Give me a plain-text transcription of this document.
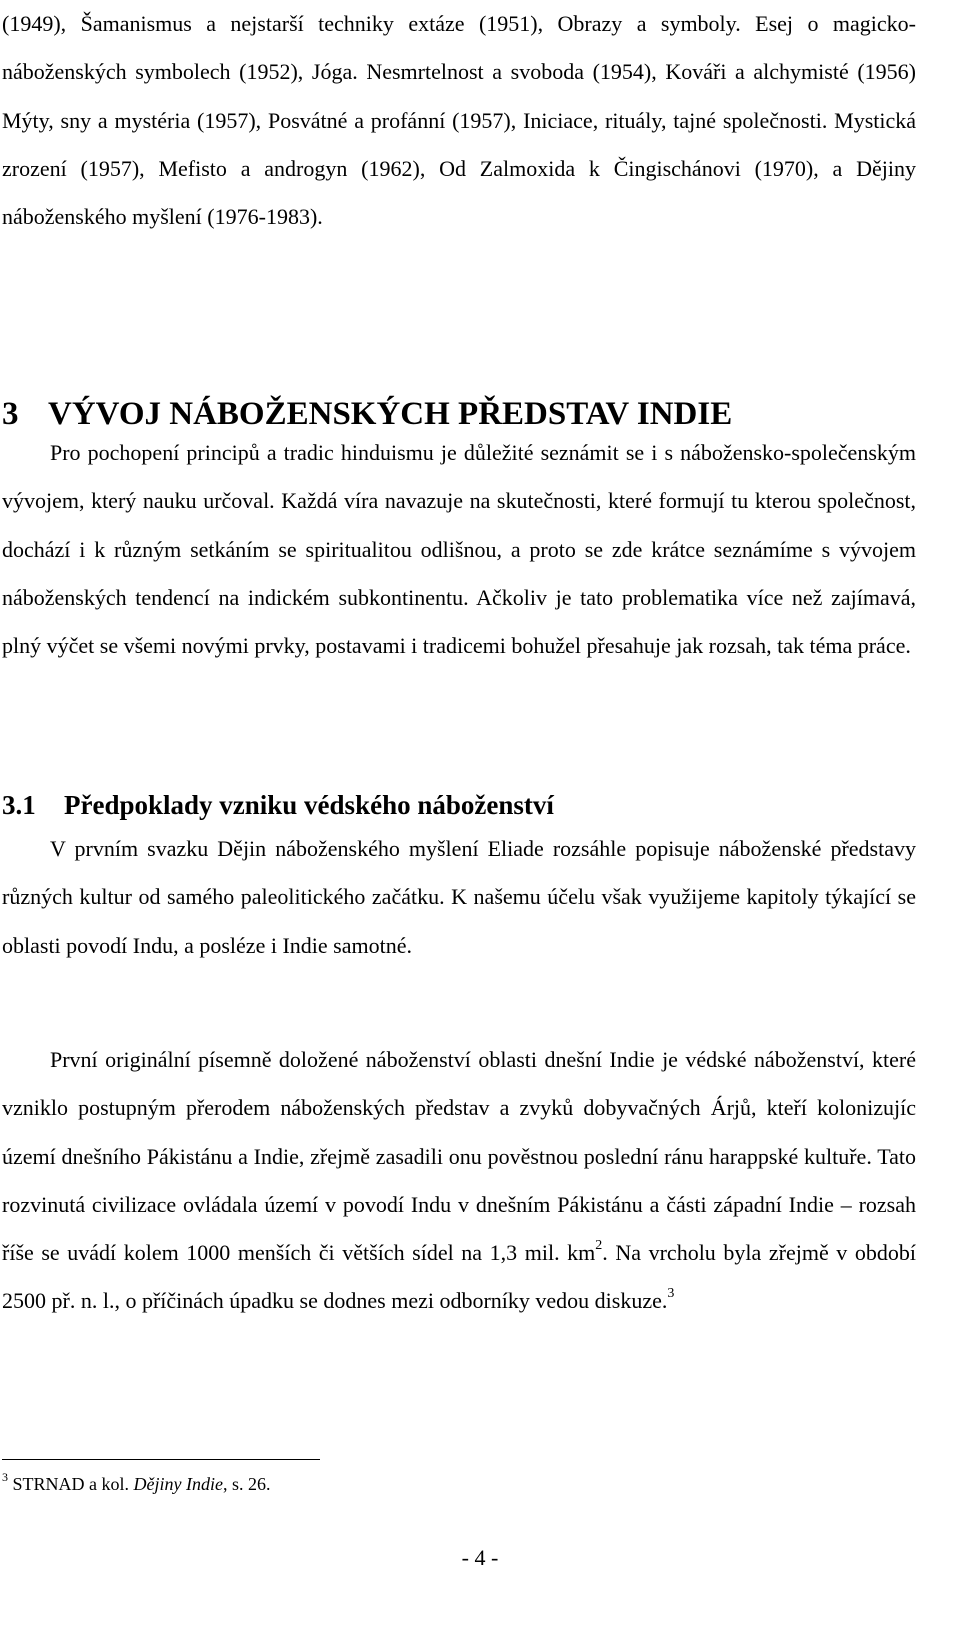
(1949), Šamanismus a nejstarší techniky extáze (1951), Obrazy a symboly. Esej o magicko-náboženských symbolech (1952), Jóga. Nesmrtelnost a svoboda (1954), Kováři a alchymisté (1956) Mýty, sny a mystéria (1957), Posvátné a profánní (1957), Iniciace, rituály, tajné společnosti. Mystická zrození (1957), Mefisto a androgyn (1962), Od Zalmoxida k Čingischánovi (1970), a Dějiny náboženského myšlení (1976-1983).

3 VÝVOJ NÁBOŽENSKÝCH PŘEDSTAV INDIE

Pro pochopení principů a tradic hinduismu je důležité seznámit se i s nábožensko-společenským vývojem, který nauku určoval. Každá víra navazuje na skutečnosti, které formují tu kterou společnost, dochází i k různým setkáním se spiritualitou odlišnou, a proto se zde krátce seznámíme s vývojem náboženských tendencí na indickém subkontinentu. Ačkoliv je tato problematika více než zajímavá, plný výčet se všemi novými prvky, postavami i tradicemi bohužel přesahuje jak rozsah, tak téma práce.

3.1 Předpoklady vzniku védského náboženství

V prvním svazku Dějin náboženského myšlení Eliade rozsáhle popisuje náboženské představy různých kultur od samého paleolitického začátku. K našemu účelu však využijeme kapitoly týkající se oblasti povodí Indu, a posléze i Indie samotné.

První originální písemně doložené náboženství oblasti dnešní Indie je védské náboženství, které vzniklo postupným přerodem náboženských představ a zvyků dobyvačných Árjů, kteří kolonizujíc území dnešního Pákistánu a Indie, zřejmě zasadili onu pověstnou poslední ránu harappské kultuře. Tato rozvinutá civilizace ovládala území v povodí Indu v dnešním Pákistánu a části západní Indie – rozsah říše se uvádí kolem 1000 menších či větších sídel na 1,3 mil. $km^2$. Na vrcholu byla zřejmě v období 2500 př. n. l., o příčinách úpadku se dodnes mezi odborníky vedou diskuze.$^3$

$^3$ STRNAD a kol. Dějiny Indie, s. 26.
- 4 -
